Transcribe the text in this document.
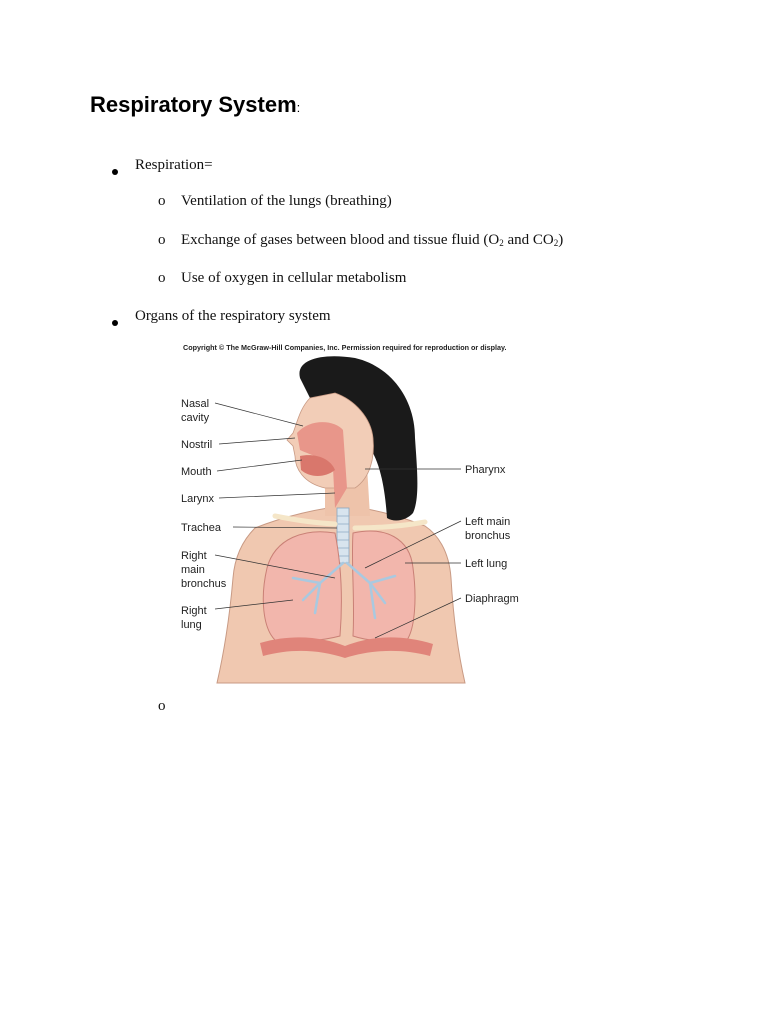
Respiratory System:
Respiration=
o Ventilation of the lungs (breathing)
o Exchange of gases between blood and tissue fluid ($O_2$ and $CO_2$)
o Use of oxygen in cellular metabolism
Organs of the respiratory system
Copyright © The McGraw-Hill Companies, Inc. Permission required for reproduction or display.
Nasal
cavity
Nostril
Mouth
Larynx
Trachea
Right
main
bronchus
Right
lung
Pharynx
Left main
bronchus
Left lung
Diaphragm
o
